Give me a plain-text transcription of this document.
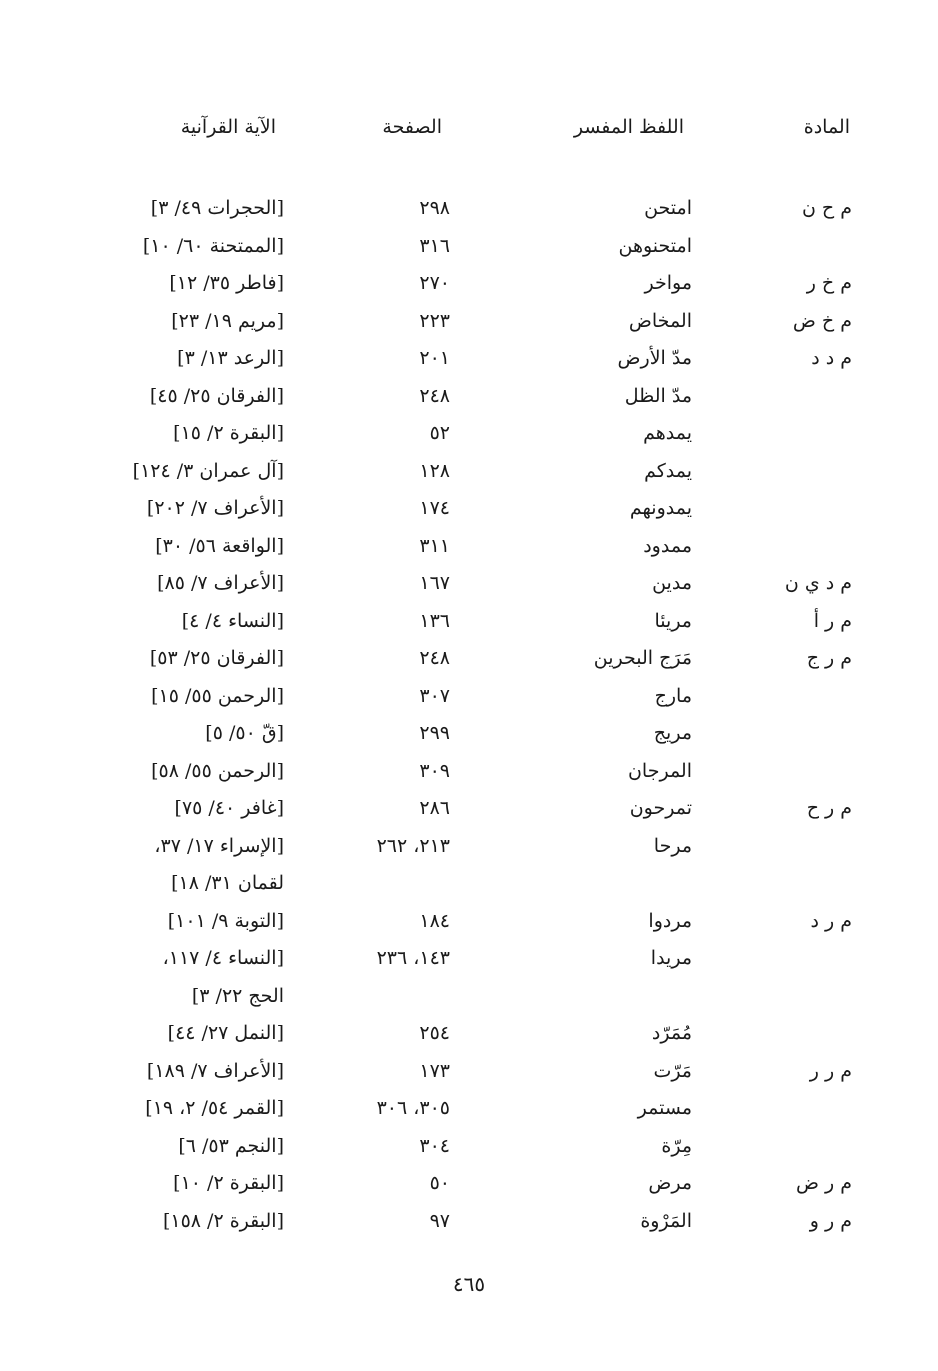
المادة
اللفظ المفسر
الصفحة
الآية القرآنية
م ح ن
امتحن
٢٩٨
[الحجرات ٤٩/ ٣]
امتحنوهن
٣١٦
[الممتحنة ٦٠/ ١٠]
م خ ر
مواخر
٢٧٠
[فاطر ٣٥/ ١٢]
م خ ض
المخاض
٢٢٣
[مريم ١٩/ ٢٣]
م د د
مدّ الأرض
٢٠١
[الرعد ١٣/ ٣]
مدّ الظل
٢٤٨
[الفرقان ٢٥/ ٤٥]
يمدهم
٥٢
[البقرة ٢/ ١٥]
يمدكم
١٢٨
[آل عمران ٣/ ١٢٤]
يمدونهم
١٧٤
[الأعراف ٧/ ٢٠٢]
ممدود
٣١١
[الواقعة ٥٦/ ٣٠]
م د ي ن
مدين
١٦٧
[الأعراف ٧/ ٨٥]
م ر أ
مريئا
١٣٦
[النساء ٤/ ٤]
م ر ج
مَرَج البحرين
٢٤٨
[الفرقان ٢٥/ ٥٣]
مارج
٣٠٧
[الرحمن ٥٥/ ١٥]
مريج
٢٩٩
[قّ ٥٠/ ٥]
المرجان
٣٠٩
[الرحمن ٥٥/ ٥٨]
م ر ح
تمرحون
٢٨٦
[غافر ٤٠/ ٧٥]
مرحا
٢١٣، ٢٦٢
[الإسراء ١٧/ ٣٧،
لقمان ٣١/ ١٨]
م ر د
مردوا
١٨٤
[التوبة ٩/ ١٠١]
مريدا
١٤٣، ٢٣٦
[النساء ٤/ ١١٧،
الحج ٢٢/ ٣]
مُمَرّد
٢٥٤
[النمل ٢٧/ ٤٤]
م ر ر
مَرّت
١٧٣
[الأعراف ٧/ ١٨٩]
مستمر
٣٠٥، ٣٠٦
[القمر ٥٤/ ٢، ١٩]
مِرّة
٣٠٤
[النجم ٥٣/ ٦]
م ر ض
مرض
٥٠
[البقرة ٢/ ١٠]
م ر و
المَرْوة
٩٧
[البقرة ٢/ ١٥٨]
٤٦٥
